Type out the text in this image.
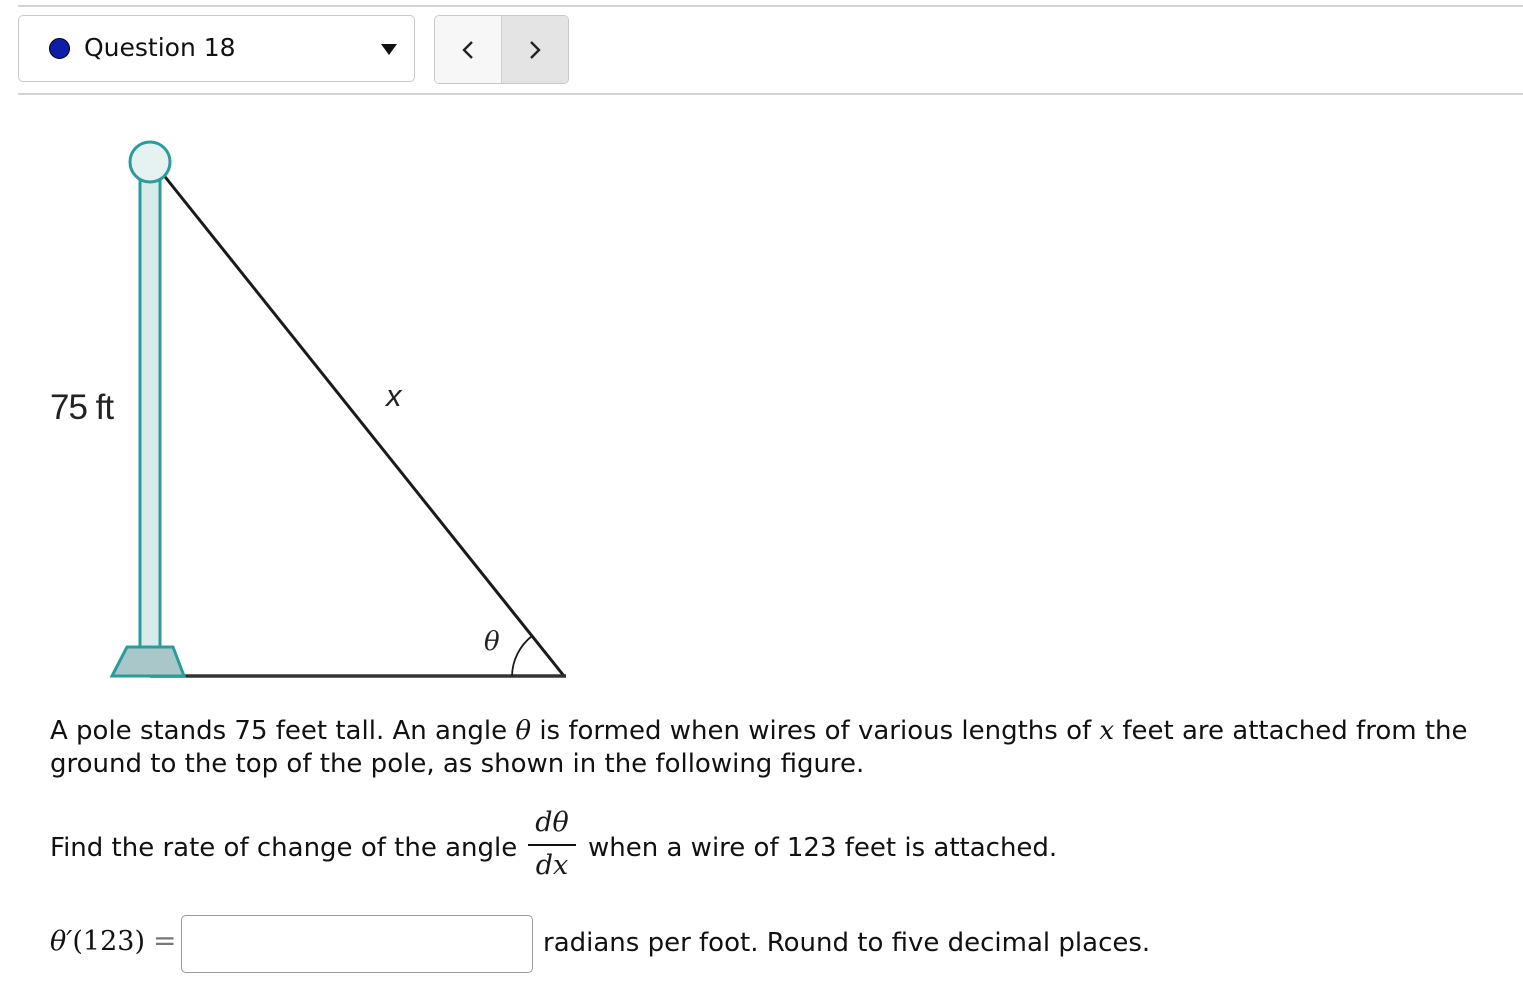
Question 18
75 ft	x
θ
A pole stands 75 feet tall. An angle θ is formed when wires of various lengths of x feet are attached from the ground to the top of the pole, as shown in the following figure.
Find the rate of change of the angle
dθ
dx
when a wire of 123 feet is attached.
θ′(123) =	radians per foot. Round to five decimal places.
